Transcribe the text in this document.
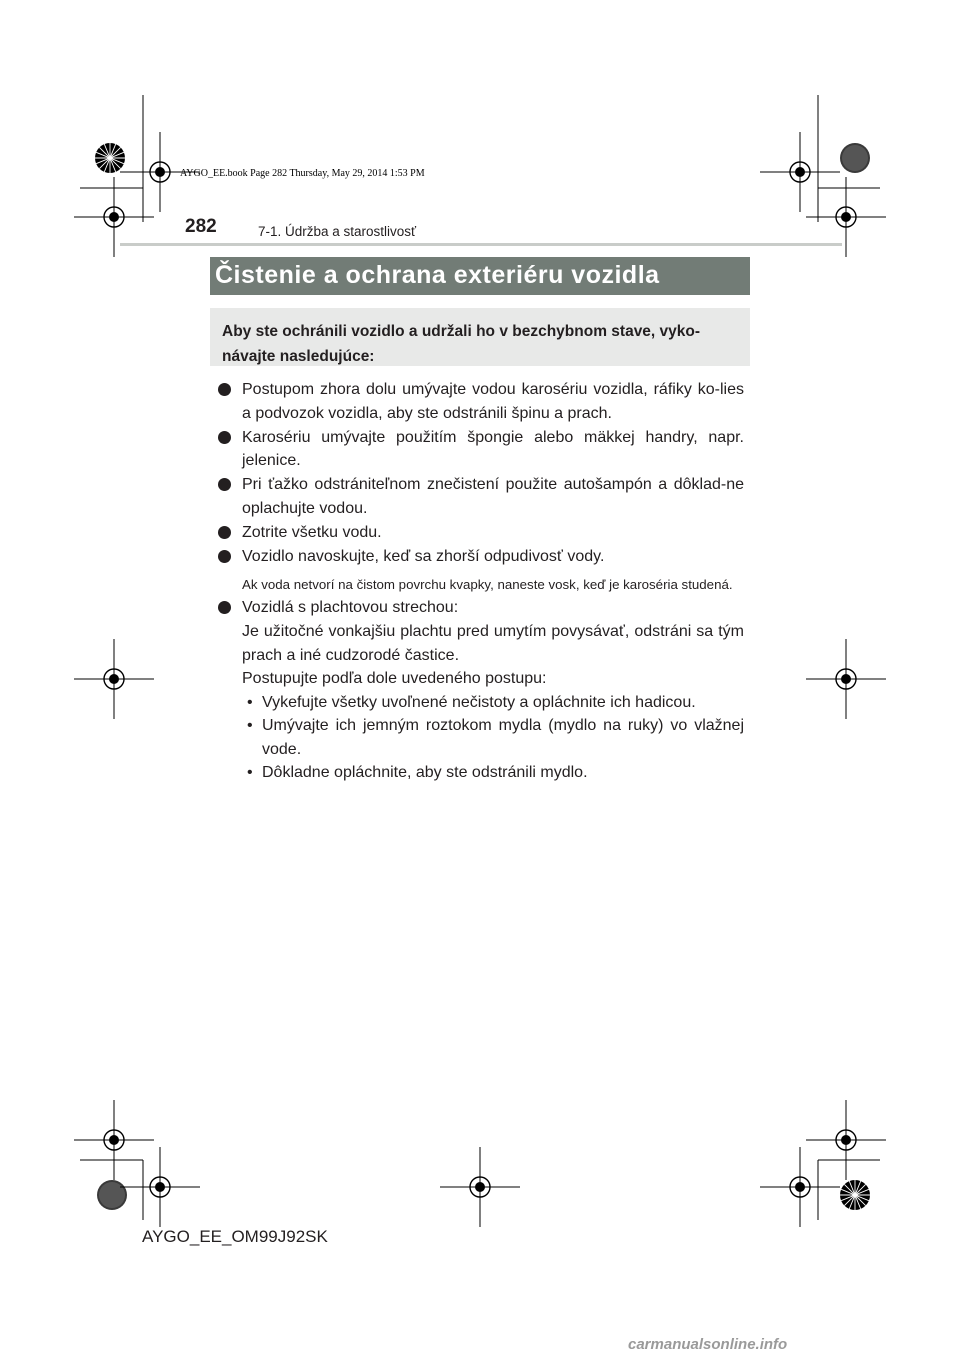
AYGO_EE.book Page 282 Thursday, May 29, 2014 1:53 PM
282	7-1. Údržba a starostlivosť
Čistenie a ochrana exteriéru vozidla
Aby ste ochránili vozidlo a udržali ho v bezchybnom stave, vyko-návajte nasledujúce:
Postupom zhora dolu umývajte vodou karosériu vozidla, ráfiky ko-lies a podvozok vozidla, aby ste odstránili špinu a prach.
Karosériu umývajte použitím špongie alebo mäkkej handry, napr. jelenice.
Pri ťažko odstrániteľnom znečistení použite autošampón a dôklad-ne oplachujte vodou.
Zotrite všetku vodu.
Vozidlo navoskujte, keď sa zhorší odpudivosť vody.
Ak voda netvorí na čistom povrchu kvapky, naneste vosk, keď je karoséria studená.
Vozidlá s plachtovou strechou:
Je užitočné vonkajšiu plachtu pred umytím povysávať, odstráni sa tým prach a iné cudzorodé častice.
Postupujte podľa dole uvedeného postupu:
• Vykefujte všetky uvoľnené nečistoty a opláchnite ich hadicou.
• Umývajte ich jemným roztokom mydla (mydlo na ruky) vo vlažnej vode.
• Dôkladne opláchnite, aby ste odstránili mydlo.
AYGO_EE_OM99J92SK
carmanualsonline.info
